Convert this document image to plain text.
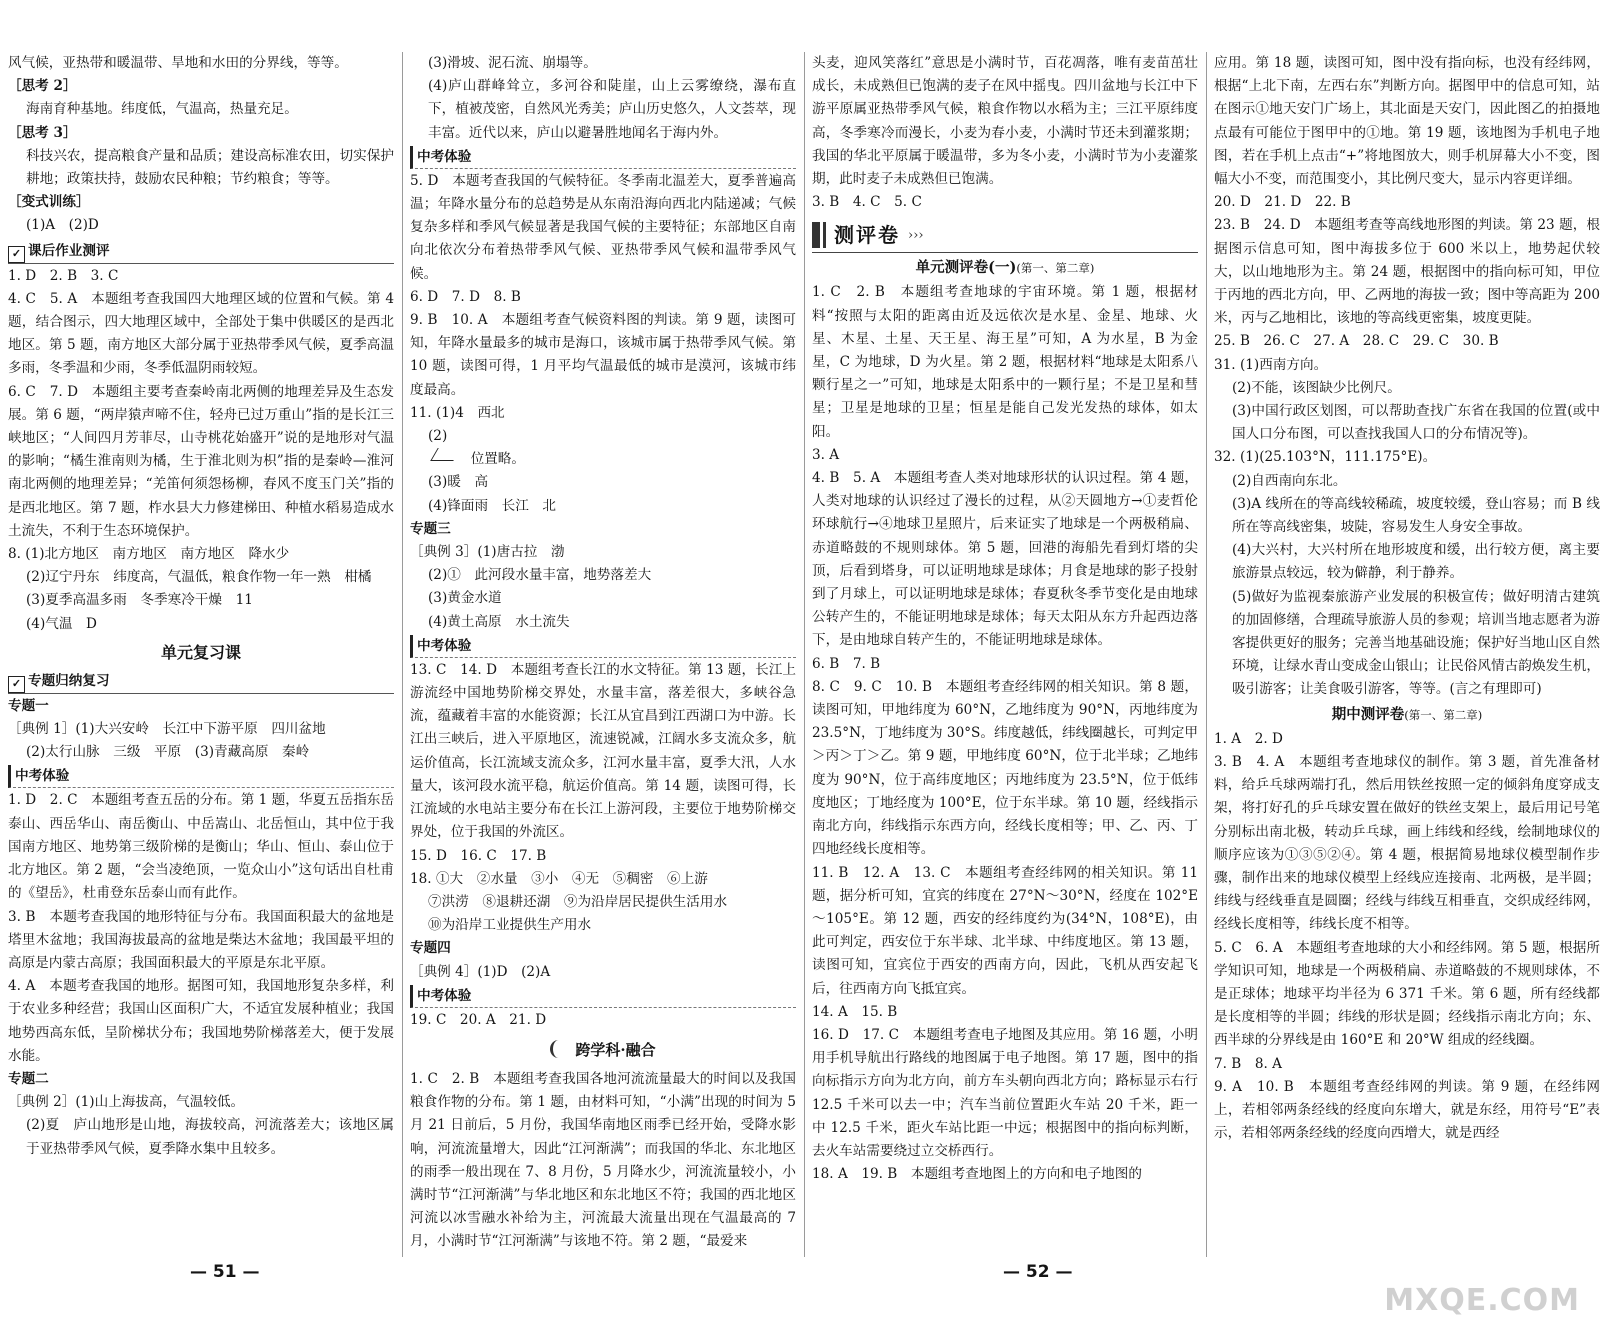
风气候，亚热带和暖温带、旱地和水田的分界线，等等。

［思考 2］

海南育种基地。纬度低，气温高，热量充足。

［思考 3］

科技兴农，提高粮食产量和品质；建设高标准农田，切实保护耕地；政策扶持，鼓励农民种粮；节约粮食；等等。

［变式训练］

(1)A　(2)D

✓ 课后作业测评

1. D　2. B　3. C

4. C　5. A　本题组考查我国四大地理区域的位置和气候。第 4 题，结合图示，四大地理区域中，全部处于集中供暖区的是西北地区。第 5 题，南方地区大部分属于亚热带季风气候，夏季高温多雨，冬季温和少雨，冬季低温阴雨较短。

6. C　7. D　本题组主要考查秦岭南北两侧的地理差异及生态发展。第 6 题，“两岸猿声啼不住，轻舟已过万重山”指的是长江三峡地区；“人间四月芳菲尽，山寺桃花始盛开”说的是地形对气温的影响；“橘生淮南则为橘，生于淮北则为枳”指的是秦岭—淮河南北两侧的地理差异；“羌笛何须怨杨柳，春风不度玉门关”指的是西北地区。第 7 题，柞水县大力修建梯田、种植水稻易造成水土流失，不利于生态环境保护。

8. (1)北方地区　南方地区　南方地区　降水少

(2)辽宁丹东　纬度高，气温低，粮食作物一年一熟　柑橘

(3)夏季高温多雨　冬季寒冷干燥　11

(4)气温　D

单元复习课
✓ 专题归纳复习

专题一

［典例 1］(1)大兴安岭　长江中下游平原　四川盆地

(2)太行山脉　三级　平原　(3)青藏高原　秦岭

中考体验

1. D　2. C　本题组考查五岳的分布。第 1 题，华夏五岳指东岳泰山、西岳华山、南岳衡山、中岳嵩山、北岳恒山，其中位于我国南方地区、地势第三级阶梯的是衡山；华山、恒山、泰山位于北方地区。第 2 题，“会当凌绝顶，一览众山小”这句话出自杜甫的《望岳》，杜甫登东岳泰山而有此作。

3. B　本题考查我国的地形特征与分布。我国面积最大的盆地是塔里木盆地；我国海拔最高的盆地是柴达木盆地；我国最平坦的高原是内蒙古高原；我国面积最大的平原是东北平原。

4. A　本题考查我国的地形。据图可知，我国地形复杂多样，利于农业多种经营；我国山区面积广大，不适宜发展种植业；我国地势西高东低，呈阶梯状分布；我国地势阶梯落差大，便于发展水能。

专题二

［典例 2］(1)山上海拔高，气温较低。

(2)夏　庐山地形是山地，海拔较高，河流落差大；该地区属于亚热带季风气候，夏季降水集中且较多。

(3)滑坡、泥石流、崩塌等。

(4)庐山群峰耸立，多河谷和陡崖，山上云雾缭绕，瀑布直下，植被茂密，自然风光秀美；庐山历史悠久，人文荟萃，现丰富。近代以来，庐山以避暑胜地闻名于海内外。

中考体验

5. D　本题考查我国的气候特征。冬季南北温差大，夏季普遍高温；年降水量分布的总趋势是从东南沿海向西北内陆递减；气候复杂多样和季风气候显著是我国气候的主要特征；东部地区自南向北依次分布着热带季风气候、亚热带季风气候和温带季风气候。

6. D　7. D　8. B

9. B　10. A　本题组考查气候资料图的判读。第 9 题，读图可知，年降水量最多的城市是海口，该城市属于热带季风气候。第 10 题，读图可得，1 月平均气温最低的城市是漠河，该城市纬度最高。

11. (1)4　西北

(2)

　位置略。

(3)暖　高

(4)锋面雨　长江　北

专题三

［典例 3］(1)唐古拉　渤

(2)①　此河段水量丰富，地势落差大

(3)黄金水道

(4)黄土高原　水土流失

中考体验

13. C　14. D　本题组考查长江的水文特征。第 13 题，长江上游流经中国地势阶梯交界处，水量丰富，落差很大，多峡谷急流，蕴藏着丰富的水能资源；长江从宜昌到江西湖口为中游。长江出三峡后，进入平原地区，流速锐减，江阔水多支流众多，航运价值高，长江流域支流众多，江河水量丰富，夏季大汛，人水量大，该河段水流平稳，航运价值高。第 14 题，读图可得，长江流域的水电站主要分布在长江上游河段，主要位于地势阶梯交界处，位于我国的外流区。

15. D　16. C　17. B

18. ①大　②水量　③小　④无　⑤稠密　⑥上游

⑦洪涝　⑧退耕还湖　⑨为沿岸居民提供生活用水

⑩为沿岸工业提供生产用水

专题四

［典例 4］(1)D　(2)A

中考体验

19. C　20. A　21. D

跨学科·融合

1. C　2. B　本题组考查我国各地河流流量最大的时间以及我国粮食作物的分布。第 1 题，由材料可知，“小满”出现的时间为 5 月 21 日前后，5 月份，我国华南地区雨季已经开始，受降水影响，河流流量增大，因此“江河渐满”；而我国的华北、东北地区的雨季一般出现在 7、8 月份，5 月降水少，河流流量较小，小满时节“江河渐满”与华北地区和东北地区不符；我国的西北地区河流以冰雪融水补给为主，河流最大流量出现在气温最高的 7 月，小满时节“江河渐满”与该地不符。第 2 题，“最爱来

头麦，迎风笑落红”意思是小满时节，百花凋落，唯有麦苗茁壮成长，未成熟但已饱满的麦子在风中摇曳。四川盆地与长江中下游平原属亚热带季风气候，粮食作物以水稻为主；三江平原纬度高，冬季寒冷而漫长，小麦为春小麦，小满时节还未到灌浆期；我国的华北平原属于暖温带，多为冬小麦，小满时节为小麦灌浆期，此时麦子未成熟但已饱满。

3. B　4. C　5. C

测评卷 ›››
单元测评卷(一)(第一、第二章)

1. C　2. B　本题组考查地球的宇宙环境。第 1 题，根据材料“按照与太阳的距离由近及远依次是水星、金星、地球、火星、木星、土星、天王星、海王星”可知，A 为水星，B 为金星，C 为地球，D 为火星。第 2 题，根据材料“地球是太阳系八颗行星之一”可知，地球是太阳系中的一颗行星；不是卫星和彗星；卫星是地球的卫星；恒星是能自己发光发热的球体，如太阳。

3. A

4. B　5. A　本题组考查人类对地球形状的认识过程。第 4 题，人类对地球的认识经过了漫长的过程，从②天圆地方→①麦哲伦环球航行→④地球卫星照片，后来证实了地球是一个两极稍扁、赤道略鼓的不规则球体。第 5 题，回港的海船先看到灯塔的尖顶，后看到塔身，可以证明地球是球体；月食是地球的影子投射到了月球上，可以证明地球是球体；春夏秋冬季节变化是由地球公转产生的，不能证明地球是球体；每天太阳从东方升起西边落下，是由地球自转产生的，不能证明地球是球体。

6. B　7. B

8. C　9. C　10. B　本题组考查经纬网的相关知识。第 8 题，读图可知，甲地纬度为 60°N，乙地纬度为 90°N，丙地纬度为 23.5°N，丁地纬度为 30°S。纬度越低，纬线圈越长，可判定甲＞丙＞丁＞乙。第 9 题，甲地纬度 60°N，位于北半球；乙地纬度为 90°N，位于高纬度地区；丙地纬度为 23.5°N，位于低纬度地区；丁地经度为 100°E，位于东半球。第 10 题，经线指示南北方向，纬线指示东西方向，经线长度相等；甲、乙、丙、丁四地经线长度相等。

11. B　12. A　13. C　本题组考查经纬网的相关知识。第 11 题，据分析可知，宜宾的纬度在 27°N～30°N，经度在 102°E～105°E。第 12 题，西安的经纬度约为(34°N，108°E)，由此可判定，西安位于东半球、北半球、中纬度地区。第 13 题，读图可知，宜宾位于西安的西南方向，因此，飞机从西安起飞后，往西南方向飞抵宜宾。

14. A　15. B

16. D　17. C　本题组考查电子地图及其应用。第 16 题，小明用手机导航出行路线的地图属于电子地图。第 17 题，图中的指向标指示方向为北方向，前方车头朝向西北方向；路标显示右行 12.5 千米可以去一中；汽车当前位置距火车站 20 千米，距一中 12.5 千米，距火车站比距一中远；根据图中的指向标判断，去火车站需要绕过立交桥西行。

18. A　19. B　本题组考查地图上的方向和电子地图的

应用。第 18 题，读图可知，图中没有指向标，也没有经纬网，根据“上北下南，左西右东”判断方向。据图甲中的信息可知，站在图示①地天安门广场上，其北面是天安门，因此图乙的拍摄地点最有可能位于图甲中的①地。第 19 题，该地图为手机电子地图，若在手机上点击“+”将地图放大，则手机屏幕大小不变，图幅大小不变，而范围变小，其比例尺变大，显示内容更详细。

20. D　21. D　22. B

23. B　24. D　本题组考查等高线地形图的判读。第 23 题，根据图示信息可知，图中海拔多位于 600 米以上，地势起伏较大，以山地地形为主。第 24 题，根据图中的指向标可知，甲位于丙地的西北方向，甲、乙两地的海拔一致；图中等高距为 200 米，丙与乙地相比，该地的等高线更密集，坡度更陡。

25. B　26. C　27. A　28. C　29. C　30. B

31. (1)西南方向。

(2)不能，该图缺少比例尺。

(3)中国行政区划图，可以帮助查找广东省在我国的位置(或中国人口分布图，可以查找我国人口的分布情况等)。

32. (1)(25.103°N，111.175°E)。

(2)自西南向东北。

(3)A 线所在的等高线较稀疏，坡度较缓，登山容易；而 B 线所在等高线密集，坡陡，容易发生人身安全事故。

(4)大兴村，大兴村所在地形坡度和缓，出行较方便，离主要旅游景点较远，较为僻静，利于静养。

(5)做好为监视秦旅游产业发展的积极宣传；做好明清古建筑的加固修缮，合理疏导旅游人员的参观；培训当地志愿者为游客提供更好的服务；完善当地基础设施；保护好当地山区自然环境，让绿水青山变成金山银山；让民俗风情古韵焕发生机，吸引游客；让美食吸引游客，等等。(言之有理即可)

期中测评卷(第一、第二章)

1. A　2. D

3. B　4. A　本题组考查地球仪的制作。第 3 题，首先准备材料，给乒乓球两端打孔，然后用铁丝按照一定的倾斜角度穿成支架，将打好孔的乒乓球安置在做好的铁丝支架上，最后用记号笔分别标出南北极，转动乒乓球，画上纬线和经线，绘制地球仪的顺序应该为①③⑤②④。第 4 题，根据简易地球仪模型制作步骤，制作出来的地球仪模型上经线应连接南、北两极，是半圆；纬线与经线垂直是圆圈；经线与纬线互相垂直，交织成经纬网，经线长度相等，纬线长度不相等。

5. C　6. A　本题组考查地球的大小和经纬网。第 5 题，根据所学知识可知，地球是一个两极稍扁、赤道略鼓的不规则球体，不是正球体；地球平均半径为 6 371 千米。第 6 题，所有经线都是长度相等的半圆；纬线的形状是圆；经线指示南北方向；东、西半球的分界线是由 160°E 和 20°W 组成的经线圈。

7. B　8. A

9. A　10. B　本题组考查经纬网的判读。第 9 题，在经纬网上，若相邻两条经线的经度向东增大，就是东经，用符号“E”表示，若相邻两条经线的经度向西增大，就是西经

— 51 —	— 52 —
MXQE.COM
